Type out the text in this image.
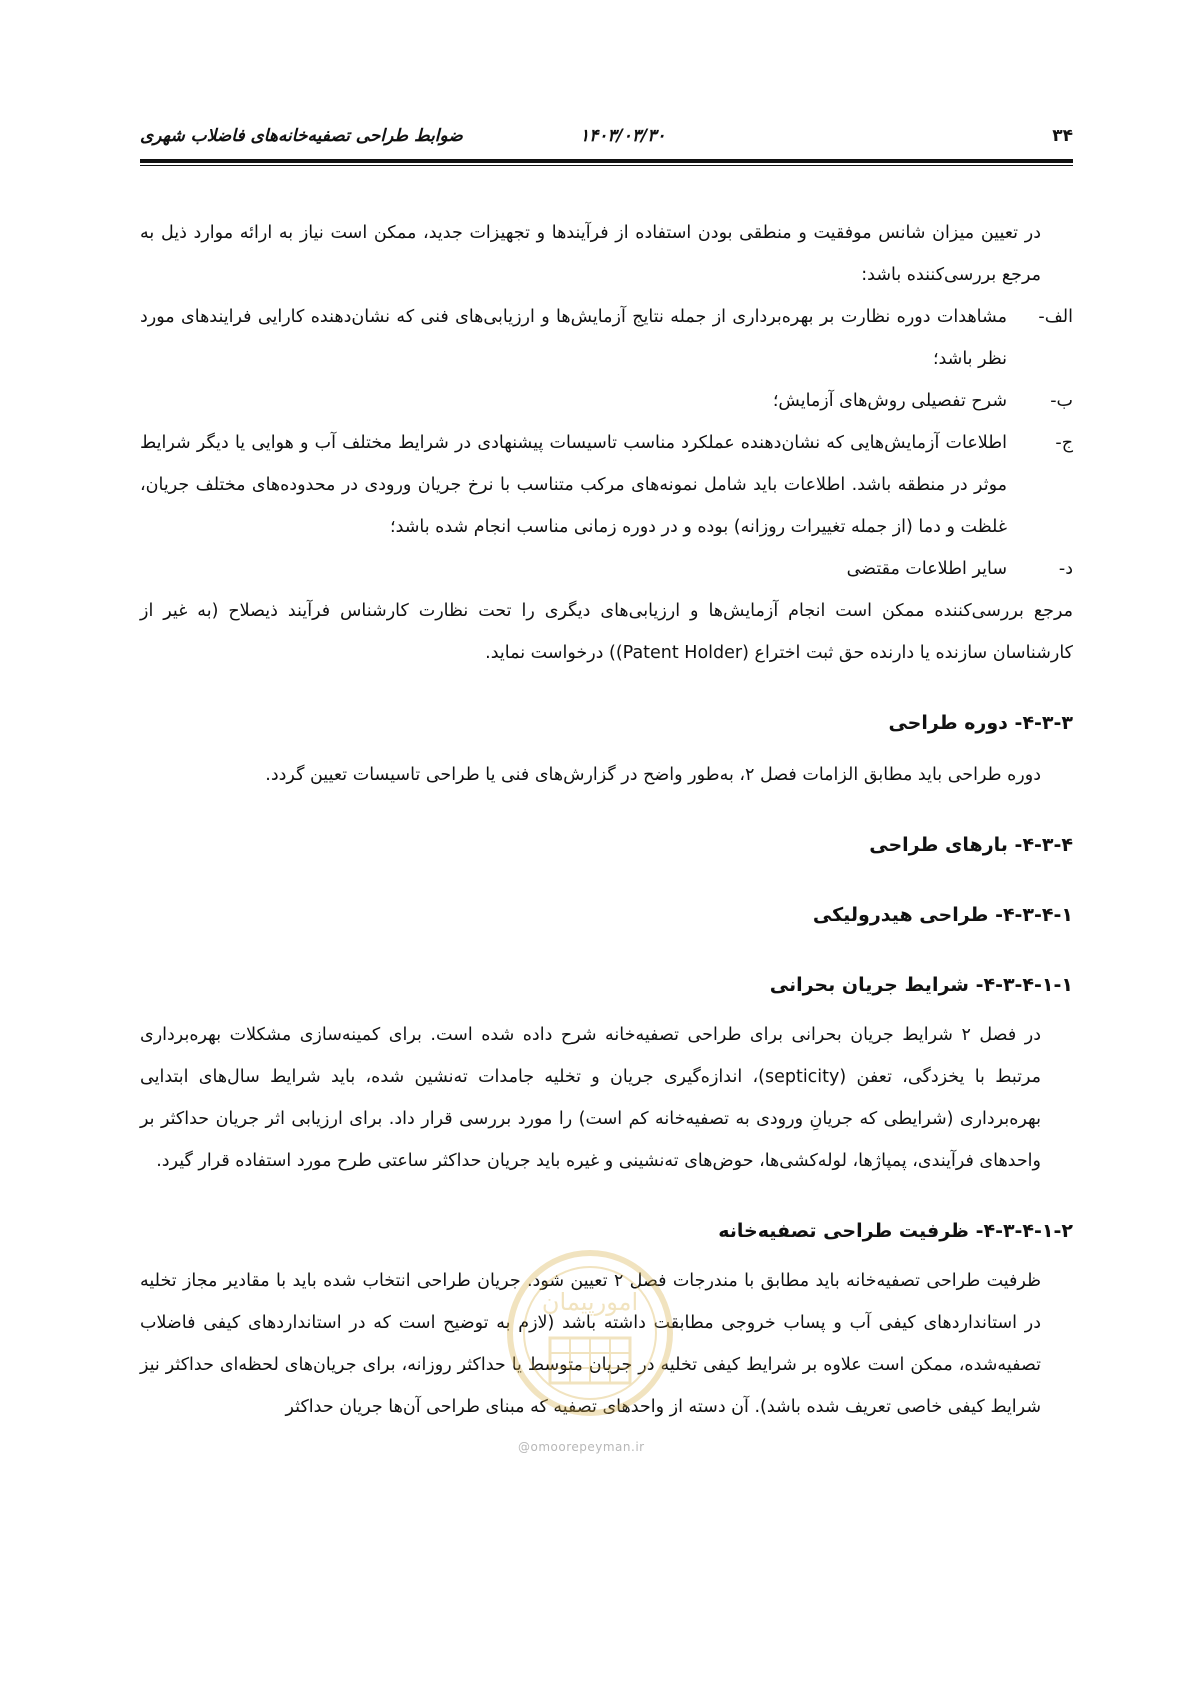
۳۴
۱۴۰۳/۰۳/۳۰
ضوابط طراحی تصفیه‌خانه‌های فاضلاب شهری

در تعیین میزان شانس موفقیت و منطقی بودن استفاده از فرآیندها و تجهیزات جدید، ممکن است نیاز به ارائه موارد ذیل به مرجع بررسی‌کننده باشد:

الف-
مشاهدات دوره نظارت بر بهره‌برداری از جمله نتایج آزمایش‌ها و ارزیابی‌های فنی که نشان‌دهنده کارایی فرایندهای مورد نظر باشد؛
ب-
شرح تفصیلی روش‌های آزمایش؛
ج-
اطلاعات آزمایش‌هایی که نشان‌دهنده عملکرد مناسب تاسیسات پیشنهادی در شرایط مختلف آب و هوایی یا دیگر شرایط موثر در منطقه باشد. اطلاعات باید شامل نمونه‌های مرکب متناسب با نرخ جریان ورودی در محدوده‌های مختلف جریان، غلظت و دما (از جمله تغییرات روزانه) بوده و در دوره زمانی مناسب انجام شده باشد؛
د-
سایر اطلاعات مقتضی

مرجع بررسی‌کننده ممکن است انجام آزمایش‌ها و ارزیابی‌های دیگری را تحت نظارت کارشناس فرآیند ذیصلاح (به غیر از کارشناسان سازنده یا دارنده حق ثبت اختراع (Patent Holder)) درخواست نماید.

۴-۳-۳- دوره طراحی

دوره طراحی باید مطابق الزامات فصل ۲، به‌طور واضح در گزارش‌های فنی یا طراحی تاسیسات تعیین گردد.

۴-۳-۴- بارهای طراحی
۴-۳-۴-۱- طراحی هیدرولیکی
۴-۳-۴-۱-۱- شرایط جریان بحرانی

در فصل ۲ شرایط جریان بحرانی برای طراحی تصفیه‌خانه شرح داده شده است. برای کمینه‌سازی مشکلات بهره‌برداری مرتبط با یخزدگی، تعفن (septicity)، اندازه‌گیری جریان و تخلیه جامدات ته‌نشین شده، باید شرایط سال‌های ابتدایی بهره‌برداری (شرایطی که جریانِ ورودی به تصفیه‌خانه کم است) را مورد بررسی قرار داد. برای ارزیابی اثر جریان حداکثر بر واحدهای فرآیندی، پمپاژها، لوله‌کشی‌ها، حوض‌های ته‌نشینی و غیره باید جریان حداکثر ساعتی طرح مورد استفاده قرار گیرد.

۴-۳-۴-۱-۲- ظرفیت طراحی تصفیه‌خانه

ظرفیت طراحی تصفیه‌خانه باید مطابق با مندرجات فصل ۲ تعیین شود. جریان طراحی انتخاب شده باید با مقادیر مجاز تخلیه در استانداردهای کیفی آب و پساب خروجی مطابقت داشته باشد (لازم به توضیح است که در استانداردهای کیفی فاضلاب تصفیه‌شده، ممکن است علاوه بر شرایط کیفی تخلیه در جریان متوسط یا حداکثر روزانه، برای جریان‌های لحظه‌ای حداکثر نیز شرایط کیفی خاصی تعریف شده باشد). آن دسته از واحدهای تصفیه که مبنای طراحی آن‌ها جریان حداکثر

امورپیمان
@omoorepeyman.ir
